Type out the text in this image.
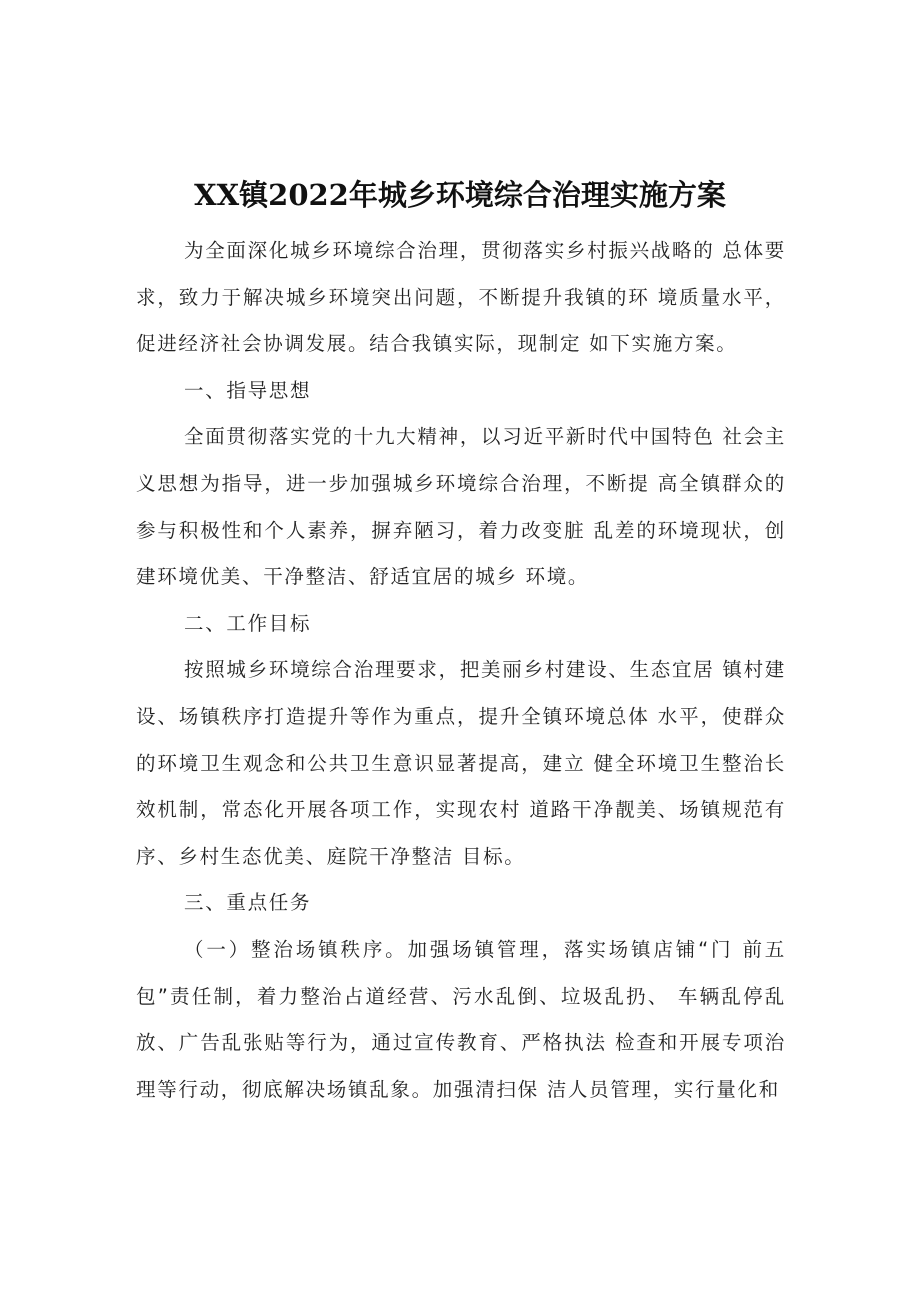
XX镇2022年城乡环境综合治理实施方案

为全面深化城乡环境综合治理，贯彻落实乡村振兴战略的 总体要求，致力于解决城乡环境突出问题，不断提升我镇的环 境质量水平，促进经济社会协调发展。结合我镇实际，现制定 如下实施方案。

一、指导思想

全面贯彻落实党的十九大精神，以习近平新时代中国特色 社会主义思想为指导，进一步加强城乡环境综合治理，不断提 高全镇群众的参与积极性和个人素养，摒弃陋习，着力改变脏 乱差的环境现状，创建环境优美、干净整洁、舒适宜居的城乡 环境。

二、工作目标

按照城乡环境综合治理要求，把美丽乡村建设、生态宜居 镇村建设、场镇秩序打造提升等作为重点，提升全镇环境总体 水平，使群众的环境卫生观念和公共卫生意识显著提高，建立 健全环境卫生整治长效机制，常态化开展各项工作，实现农村 道路干净靓美、场镇规范有序、乡村生态优美、庭院干净整洁 目标。

三、重点任务

（一）整治场镇秩序。加强场镇管理，落实场镇店铺“门 前五包”责任制，着力整治占道经营、污水乱倒、垃圾乱扔、 车辆乱停乱放、广告乱张贴等行为，通过宣传教育、严格执法 检查和开展专项治理等行动，彻底解决场镇乱象。加强清扫保 洁人员管理，实行量化和
